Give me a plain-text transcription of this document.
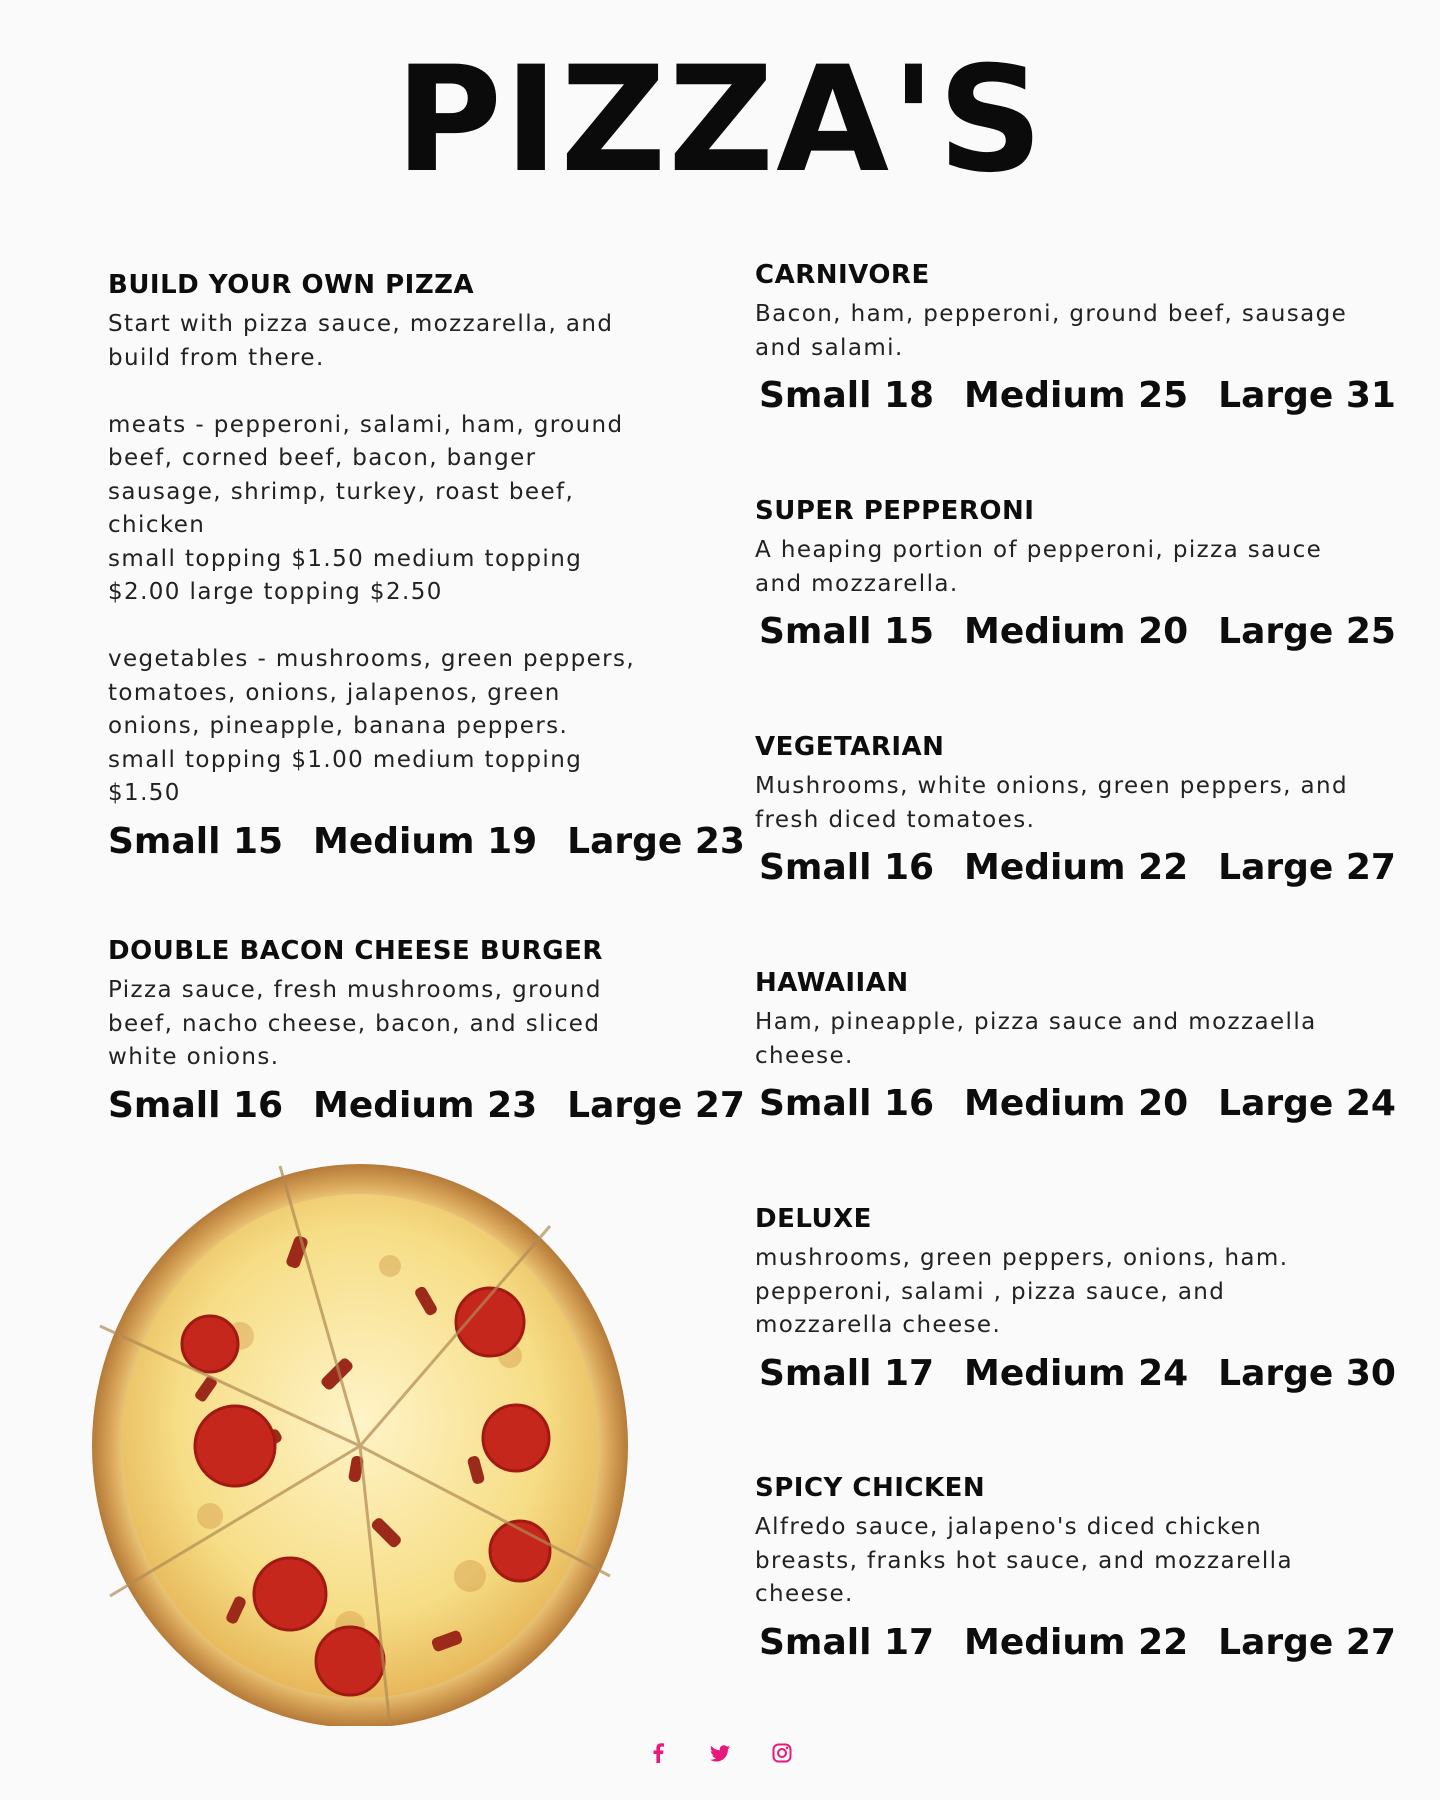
PIZZA'S
BUILD YOUR OWN PIZZA

Start with pizza sauce, mozzarella, and
build from there.

meats - pepperoni, salami, ham, ground
beef, corned beef, bacon, banger
sausage, shrimp, turkey, roast beef,
chicken
small topping $1.50 medium topping
$2.00 large topping $2.50

vegetables - mushrooms, green peppers,
tomatoes, onions, jalapenos, green
onions, pineapple, banana peppers.
small topping $1.00 medium topping
$1.50

Small 15 Medium 19 Large 23
DOUBLE BACON CHEESE BURGER

Pizza sauce, fresh mushrooms, ground
beef, nacho cheese, bacon, and sliced
white onions.

Small 16 Medium 23 Large 27
CARNIVORE

Bacon, ham, pepperoni, ground beef, sausage
and salami.

Small 18 Medium 25 Large 31
SUPER PEPPERONI

A heaping portion of pepperoni, pizza sauce
and mozzarella.

Small 15 Medium 20 Large 25
VEGETARIAN

Mushrooms, white onions, green peppers, and
fresh diced tomatoes.

Small 16 Medium 22 Large 27
HAWAIIAN

Ham, pineapple, pizza sauce and mozzaella
cheese.

Small 16 Medium 20 Large 24
DELUXE

mushrooms, green peppers, onions, ham.
pepperoni, salami , pizza sauce, and
mozzarella cheese.

Small 17 Medium 24 Large 30
SPICY CHICKEN

Alfredo sauce, jalapeno's diced chicken
breasts, franks hot sauce, and mozzarella
cheese.

Small 17 Medium 22 Large 27
